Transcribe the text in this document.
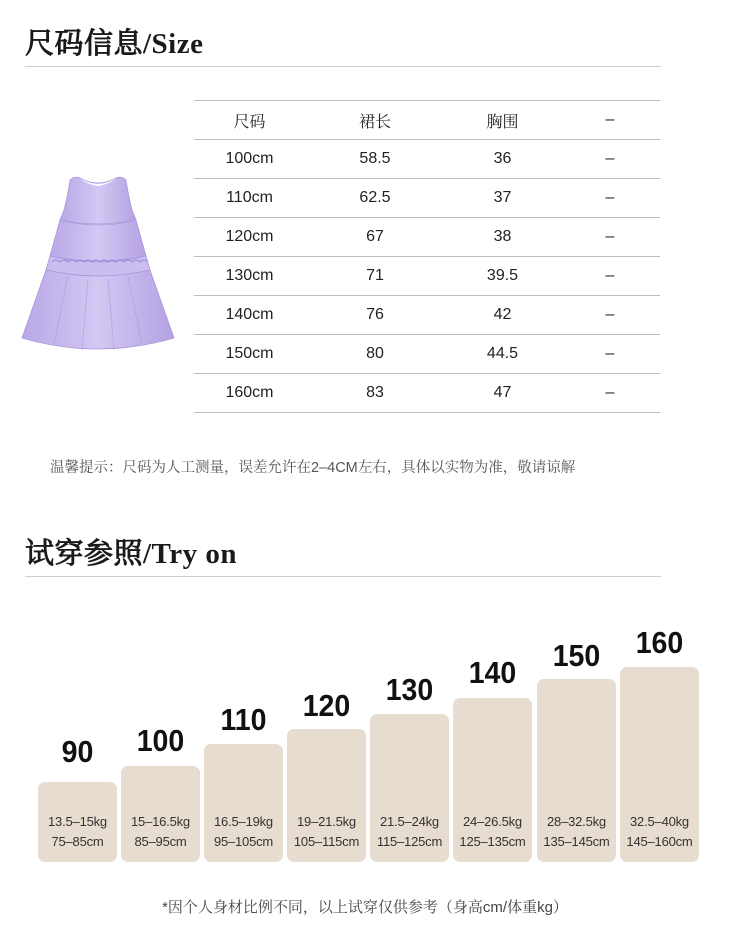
尺码信息/Size
尺码	裙长	胸围	–
100cm	58.5	36	–
110cm	62.5	37	–
120cm	67	38	–
130cm	71	39.5	–
140cm	76	42	–
150cm	80	44.5	–
160cm	83	47	–

温馨提示：尺码为人工测量，误差允许在2–4CM左右，具体以实物为准，敬请谅解

试穿参照/Try on
90
13.5–15kg
75–85cm
100
15–16.5kg
85–95cm
110
16.5–19kg
95–105cm
120
19–21.5kg
105–115cm
130
21.5–24kg
115–125cm
140
24–26.5kg
125–135cm
150
28–32.5kg
135–145cm
160
32.5–40kg
145–160cm

*因个人身材比例不同，以上试穿仅供参考（身高cm/体重kg）
